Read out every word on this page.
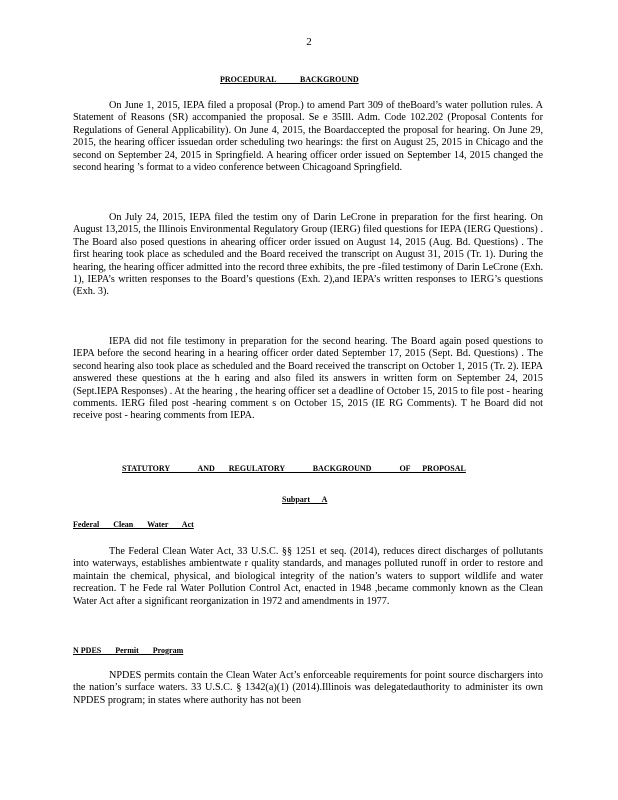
2
PROCEDURAL            BACKGROUND
On June 1, 2015, IEPA filed a proposal (Prop.) to amend Part 309 of theBoard’s water pollution rules. A Statement of Reasons (SR) accompanied the proposal. Se e 35Ill. Adm. Code 102.202 (Proposal Contents for Regulations of General Applicability). On June 4, 2015, the Boardaccepted the proposal for hearing. On June 29, 2015, the hearing officer issuedan order scheduling two hearings: the first on August 25, 2015 in Chicago and the second on September 24, 2015 in Springfield. A hearing officer order issued on September 14, 2015 changed the second hearing ’s format to a video conference between Chicagoand Springfield.
On July 24, 2015, IEPA filed the testim ony of Darin LeCrone in preparation for the first hearing. On August 13,2015, the Illinois Environmental Regulatory Group (IERG) filed questions for IEPA (IERG Questions) . The Board also posed questions in ahearing officer order issued on August 14, 2015 (Aug. Bd. Questions) . The first hearing took place as scheduled and the Board received the transcript on August 31, 2015 (Tr. 1). During the hearing, the hearing officer admitted into the record three exhibits, the pre -filed testimony of Darin LeCrone (Exh. 1), IEPA’s written responses to the Board’s questions (Exh. 2),and IEPA’s written responses to IERG’s questions (Exh. 3).
IEPA did not file testimony in preparation for the second hearing. The Board again posed questions to IEPA before the second hearing in a hearing officer order dated September 17, 2015 (Sept. Bd. Questions) . The second hearing also took place as scheduled and the Board received the transcript on October 1, 2015 (Tr. 2). IEPA answered these questions at the h earing and also filed its answers in written form on September 24, 2015 (Sept.IEPA Responses) . At the hearing , the hearing officer set a deadline of October 15, 2015 to file post - hearing comments. IERG filed post -hearing comment s on October 15, 2015 (IE RG Comments). T he Board did not receive post - hearing comments from IEPA.
STATUTORY              AND       REGULATORY              BACKGROUND              OF      PROPOSAL
Subpart      A
Federal       Clean       Water       Act
The Federal Clean Water Act, 33 U.S.C. §§ 1251 et seq. (2014), reduces direct discharges of pollutants into waterways, establishes ambientwate r quality standards, and manages polluted runoff in order to restore and maintain the chemical, physical, and biological integrity of the nation’s waters to support wildlife and water recreation. T he Fede ral Water Pollution Control Act, enacted in 1948 ,became commonly known as the Clean Water Act after a significant reorganization in 1972 and amendments in 1977.
N PDES       Permit       Program
NPDES permits contain the Clean Water Act’s enforceable requirements for point source dischargers into the nation’s surface waters. 33 U.S.C. § 1342(a)(1) (2014).Illinois was delegatedauthority to administer its own NPDES program; in states where authority has not been
